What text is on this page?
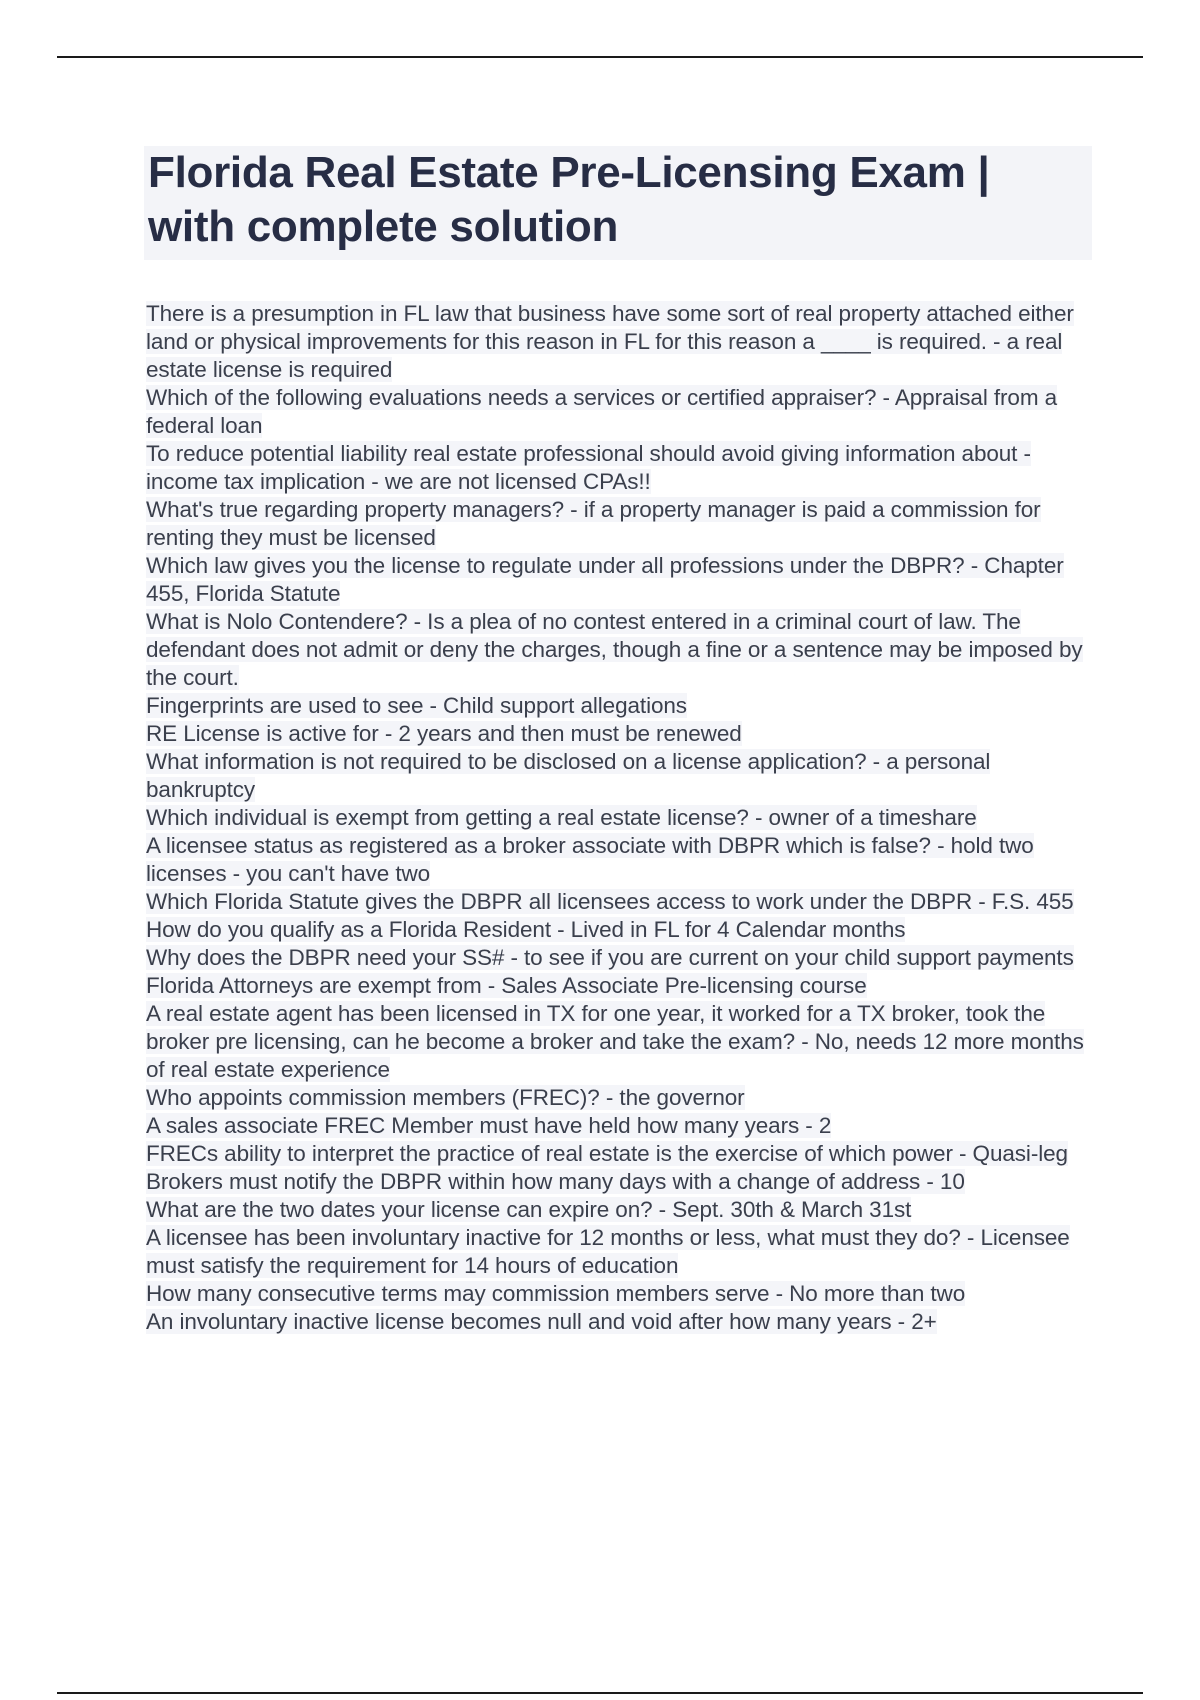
Florida Real Estate Pre-Licensing Exam | with complete solution
There is a presumption in FL law that business have some sort of real property attached either land or physical improvements for this reason in FL for this reason a ____ is required. - a real estate license is required
Which of the following evaluations needs a services or certified appraiser? - Appraisal from a federal loan
To reduce potential liability real estate professional should avoid giving information about - income tax implication - we are not licensed CPAs!!
What's true regarding property managers? - if a property manager is paid a commission for renting they must be licensed
Which law gives you the license to regulate under all professions under the DBPR? - Chapter 455, Florida Statute
What is Nolo Contendere? - Is a plea of no contest entered in a criminal court of law. The defendant does not admit or deny the charges, though a fine or a sentence may be imposed by the court.
Fingerprints are used to see - Child support allegations
RE License is active for - 2 years and then must be renewed
What information is not required to be disclosed on a license application? - a personal bankruptcy
Which individual is exempt from getting a real estate license? - owner of a timeshare
A licensee status as registered as a broker associate with DBPR which is false? - hold two licenses - you can't have two
Which Florida Statute gives the DBPR all licensees access to work under the DBPR - F.S. 455
How do you qualify as a Florida Resident - Lived in FL for 4 Calendar months
Why does the DBPR need your SS# - to see if you are current on your child support payments
Florida Attorneys are exempt from - Sales Associate Pre-licensing course
A real estate agent has been licensed in TX for one year, it worked for a TX broker, took the broker pre licensing, can he become a broker and take the exam? - No, needs 12 more months of real estate experience
Who appoints commission members (FREC)? - the governor
A sales associate FREC Member must have held how many years - 2
FRECs ability to interpret the practice of real estate is the exercise of which power - Quasi-leg
Brokers must notify the DBPR within how many days with a change of address - 10
What are the two dates your license can expire on? - Sept. 30th & March 31st
A licensee has been involuntary inactive for 12 months or less, what must they do? - Licensee must satisfy the requirement for 14 hours of education
How many consecutive terms may commission members serve - No more than two
An involuntary inactive license becomes null and void after how many years - 2+
